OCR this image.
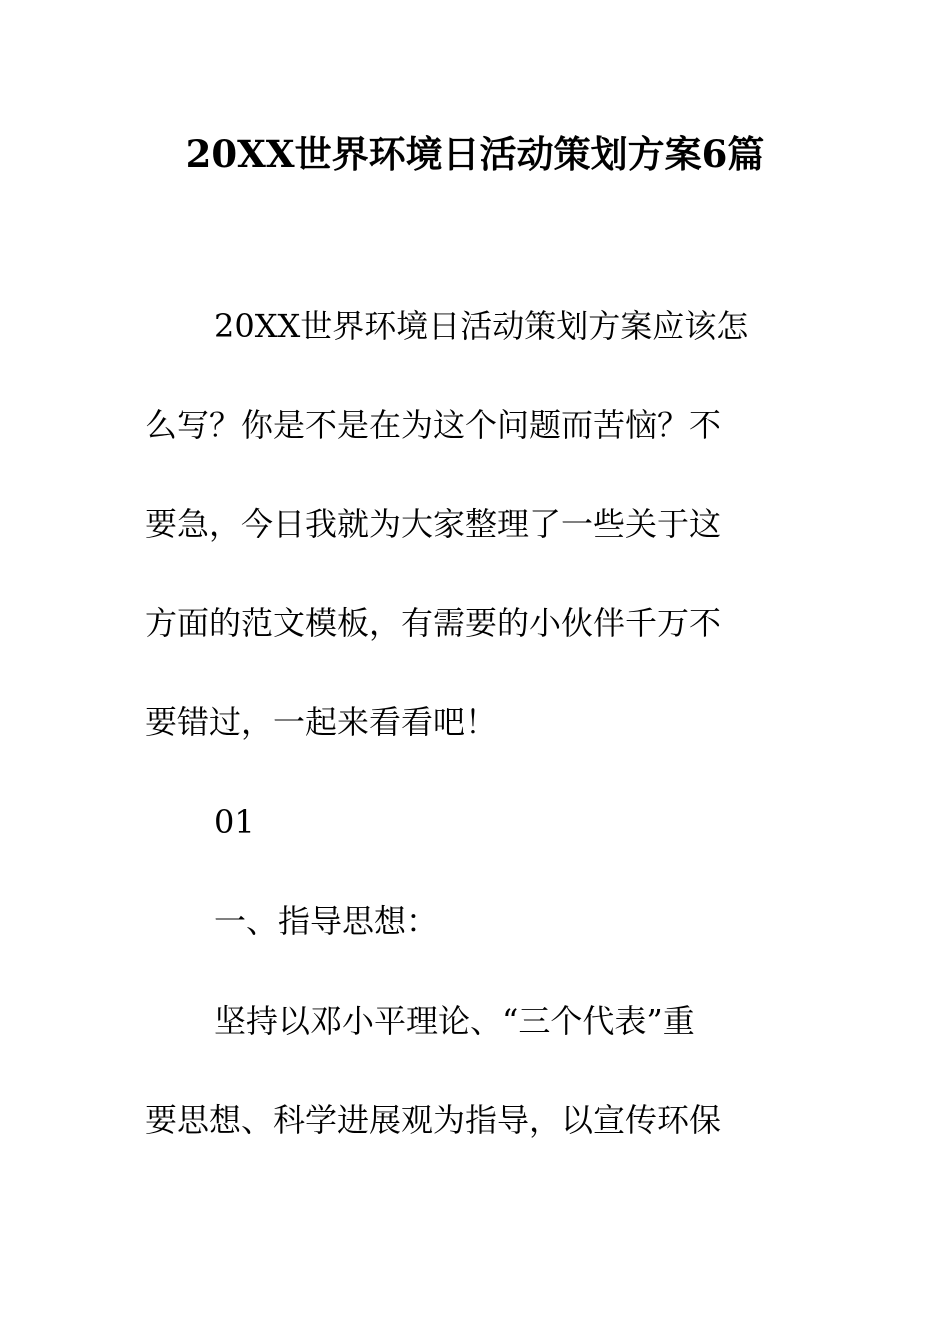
20XX世界环境日活动策划方案6篇
20XX世界环境日活动策划方案应该怎
么写？你是不是在为这个问题而苦恼？不
要急，今日我就为大家整理了一些关于这
方面的范文模板，有需要的小伙伴千万不
要错过，一起来看看吧！
01
一、指导思想：
坚持以邓小平理论、“三个代表”重
要思想、科学进展观为指导，以宣传环保
